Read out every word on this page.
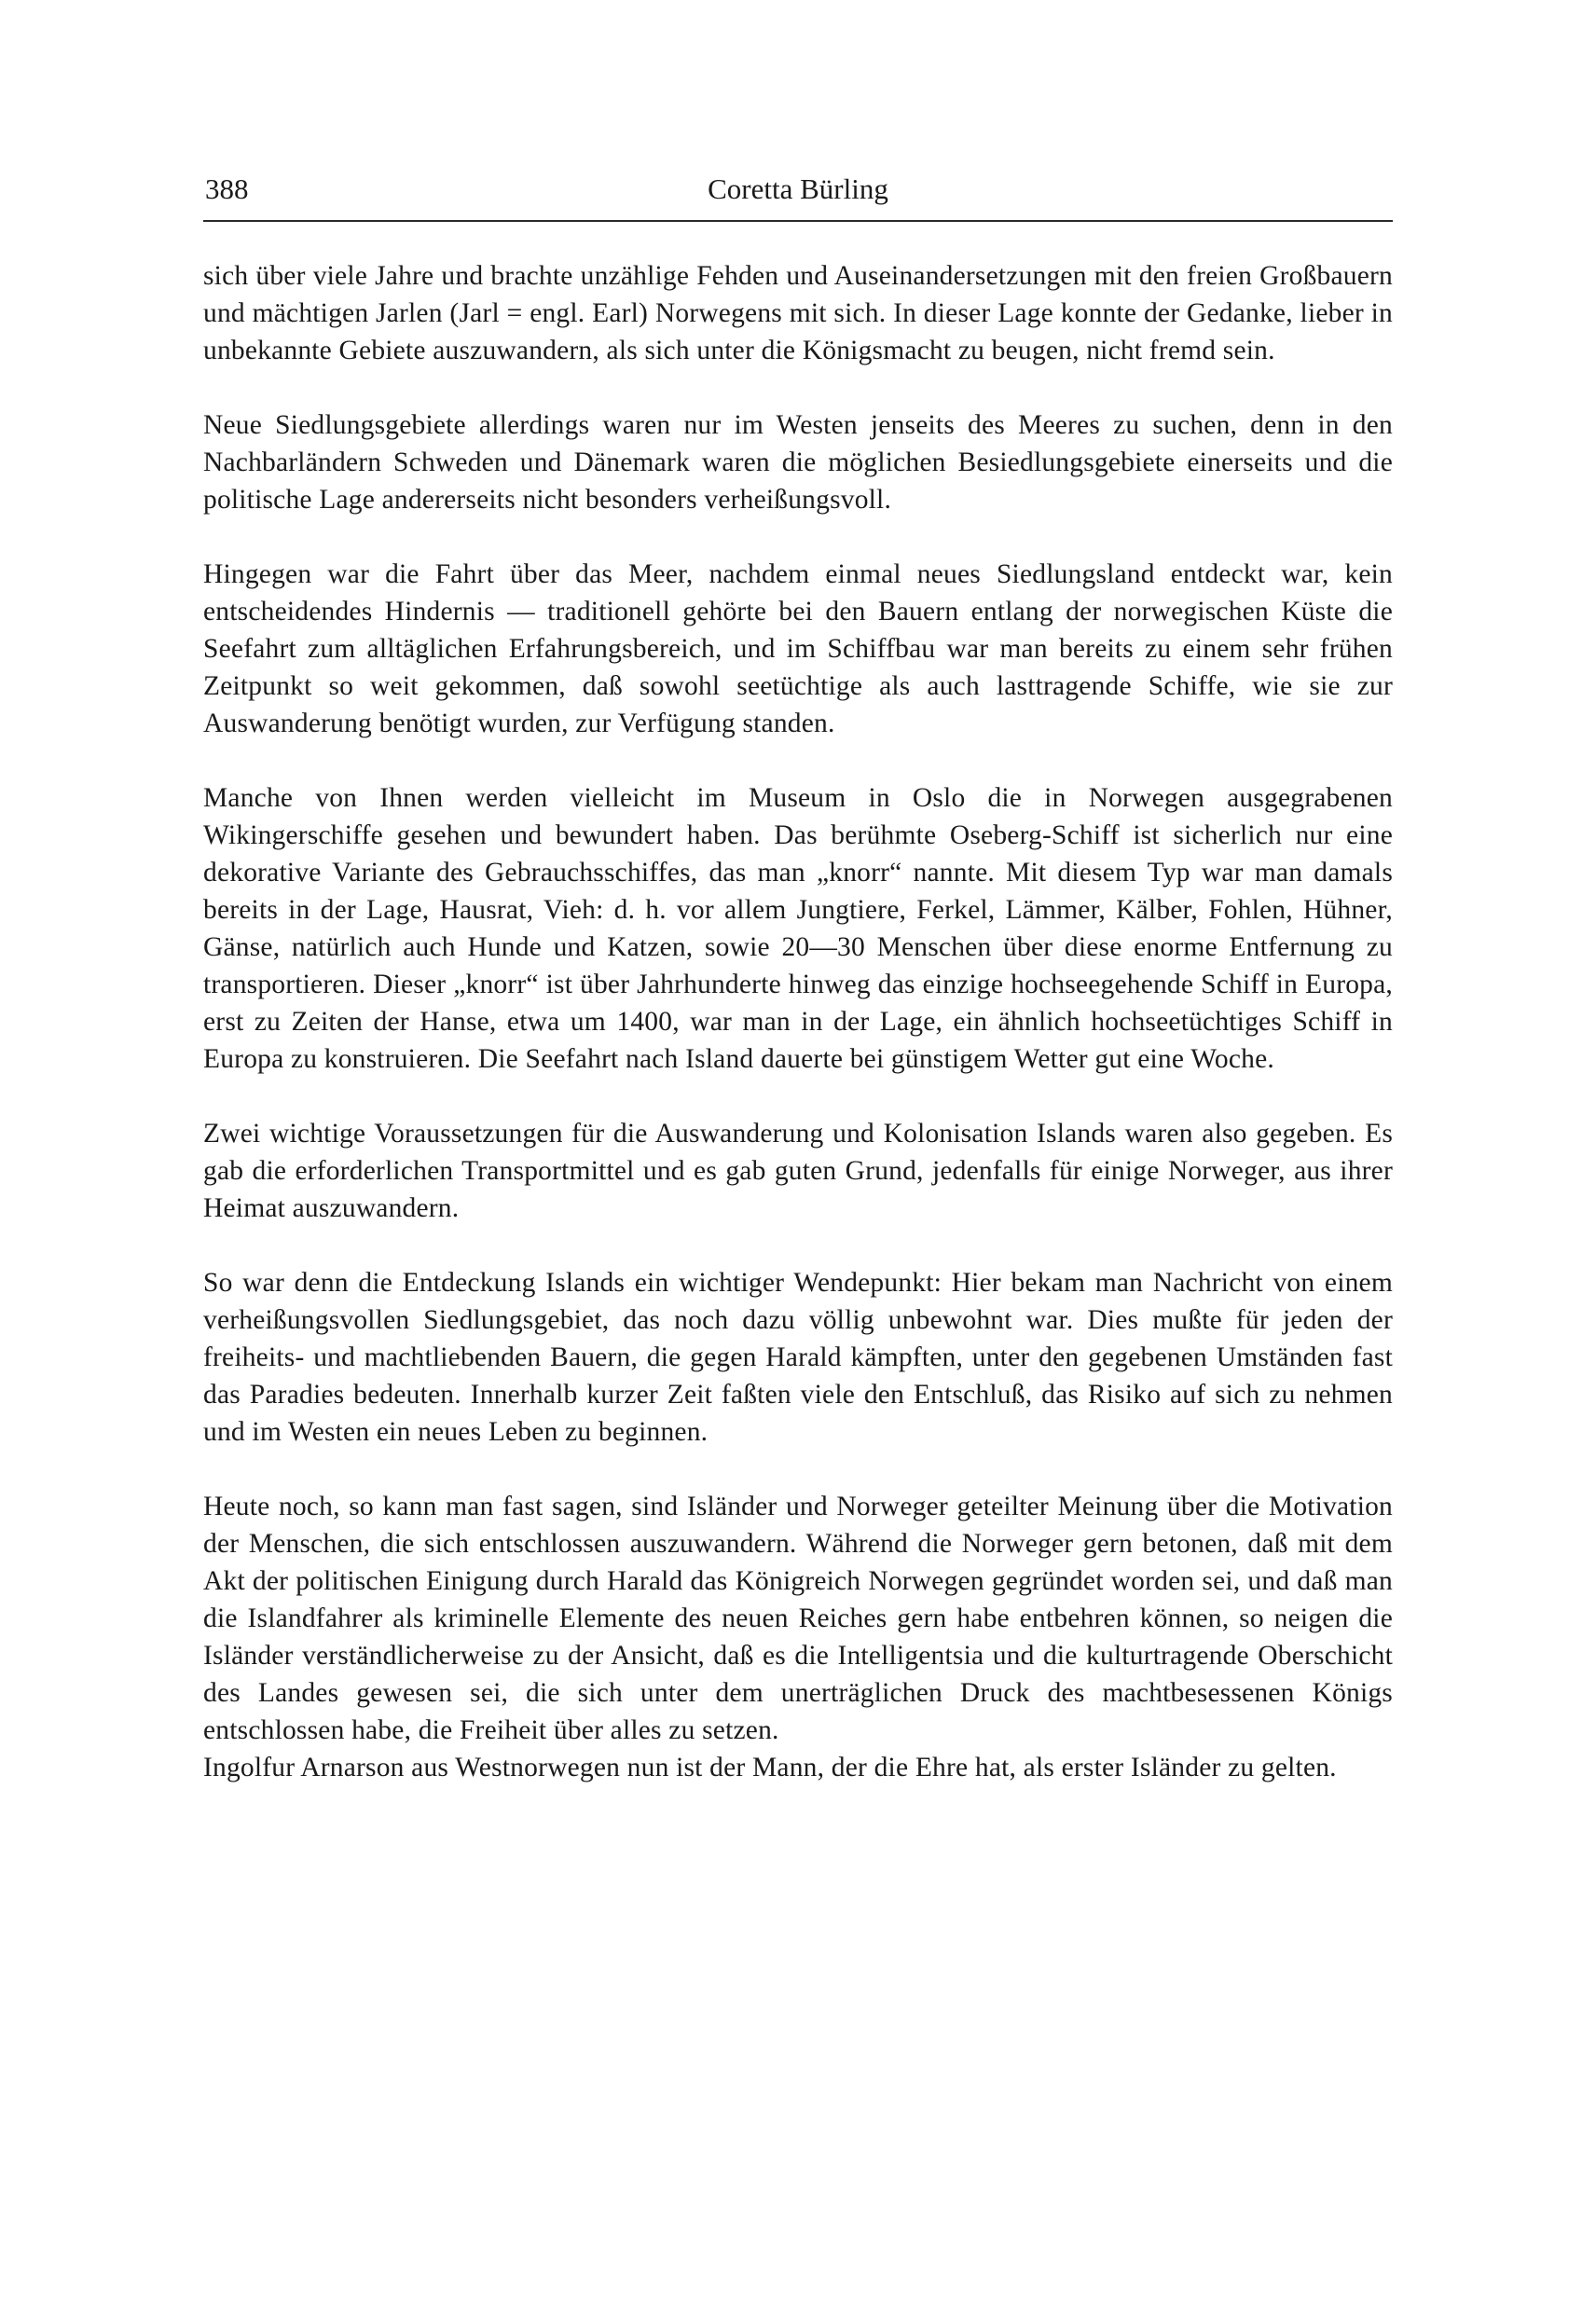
388	Coretta Bürling

sich über viele Jahre und brachte unzählige Fehden und Auseinandersetzungen mit den freien Großbauern und mächtigen Jarlen (Jarl = engl. Earl) Norwegens mit sich. In dieser Lage konnte der Gedanke, lieber in unbekannte Gebiete auszuwandern, als sich unter die Königsmacht zu beugen, nicht fremd sein.

Neue Siedlungsgebiete allerdings waren nur im Westen jenseits des Meeres zu suchen, denn in den Nachbarländern Schweden und Dänemark waren die möglichen Besiedlungsgebiete einerseits und die politische Lage andererseits nicht besonders verheißungsvoll.

Hingegen war die Fahrt über das Meer, nachdem einmal neues Siedlungsland entdeckt war, kein entscheidendes Hindernis — traditionell gehörte bei den Bauern entlang der norwegischen Küste die Seefahrt zum alltäglichen Erfahrungsbereich, und im Schiffbau war man bereits zu einem sehr frühen Zeitpunkt so weit gekommen, daß sowohl seetüchtige als auch lasttragende Schiffe, wie sie zur Auswanderung benötigt wurden, zur Verfügung standen.

Manche von Ihnen werden vielleicht im Museum in Oslo die in Norwegen ausgegrabenen Wikingerschiffe gesehen und bewundert haben. Das berühmte Oseberg-Schiff ist sicherlich nur eine dekorative Variante des Gebrauchsschiffes, das man „knorr“ nannte. Mit diesem Typ war man damals bereits in der Lage, Hausrat, Vieh: d. h. vor allem Jungtiere, Ferkel, Lämmer, Kälber, Fohlen, Hühner, Gänse, natürlich auch Hunde und Katzen, sowie 20—30 Menschen über diese enorme Entfernung zu transportieren. Dieser „knorr“ ist über Jahrhunderte hinweg das einzige hochseegehende Schiff in Europa, erst zu Zeiten der Hanse, etwa um 1400, war man in der Lage, ein ähnlich hochseetüchtiges Schiff in Europa zu konstruieren. Die Seefahrt nach Island dauerte bei günstigem Wetter gut eine Woche.

Zwei wichtige Voraussetzungen für die Auswanderung und Kolonisation Islands waren also gegeben. Es gab die erforderlichen Transportmittel und es gab guten Grund, jedenfalls für einige Norweger, aus ihrer Heimat auszuwandern.

So war denn die Entdeckung Islands ein wichtiger Wendepunkt: Hier bekam man Nachricht von einem verheißungsvollen Siedlungsgebiet, das noch dazu völlig unbewohnt war. Dies mußte für jeden der freiheits- und machtliebenden Bauern, die gegen Harald kämpften, unter den gegebenen Umständen fast das Paradies bedeuten. Innerhalb kurzer Zeit faßten viele den Entschluß, das Risiko auf sich zu nehmen und im Westen ein neues Leben zu beginnen.

Heute noch, so kann man fast sagen, sind Isländer und Norweger geteilter Meinung über die Motivation der Menschen, die sich entschlossen auszuwandern. Während die Norweger gern betonen, daß mit dem Akt der politischen Einigung durch Harald das Königreich Norwegen gegründet worden sei, und daß man die Islandfahrer als kriminelle Elemente des neuen Reiches gern habe entbehren können, so neigen die Isländer verständlicherweise zu der Ansicht, daß es die Intelligentsia und die kulturtragende Oberschicht des Landes gewesen sei, die sich unter dem unerträglichen Druck des machtbesessenen Königs entschlossen habe, die Freiheit über alles zu setzen.

Ingolfur Arnarson aus Westnorwegen nun ist der Mann, der die Ehre hat, als erster Isländer zu gelten.
